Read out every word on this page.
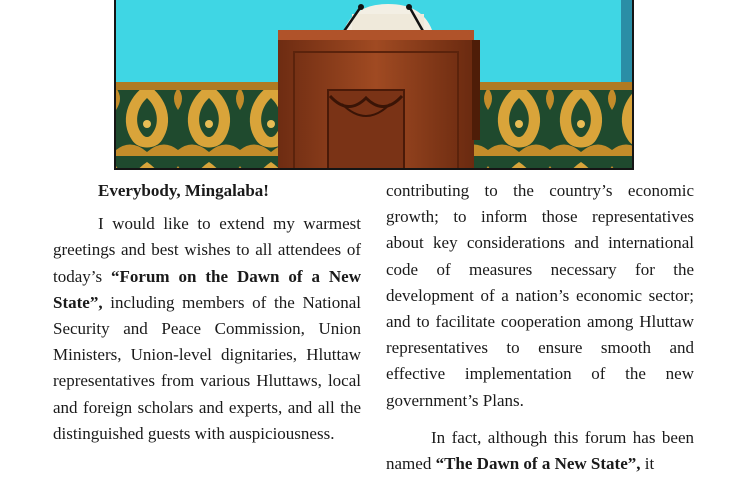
Everybody, Mingalaba!

I would like to extend my warmest greetings and best wishes to all attendees of today’s “Forum on the Dawn of a New State”, including members of the National Security and Peace Commission, Union Ministers, Union-level dignitaries, Hluttaw representatives from various Hluttaws, local and foreign scholars and experts, and all the distinguished guests with auspiciousness.

contributing to the country’s economic growth; to inform those representatives about key considerations and international code of measures necessary for the development of a nation’s economic sector; and to facilitate cooperation among Hluttaw representatives to ensure smooth and effective implementation of the new government’s Plans.

In fact, although this forum has been named “The Dawn of a New State”, it
